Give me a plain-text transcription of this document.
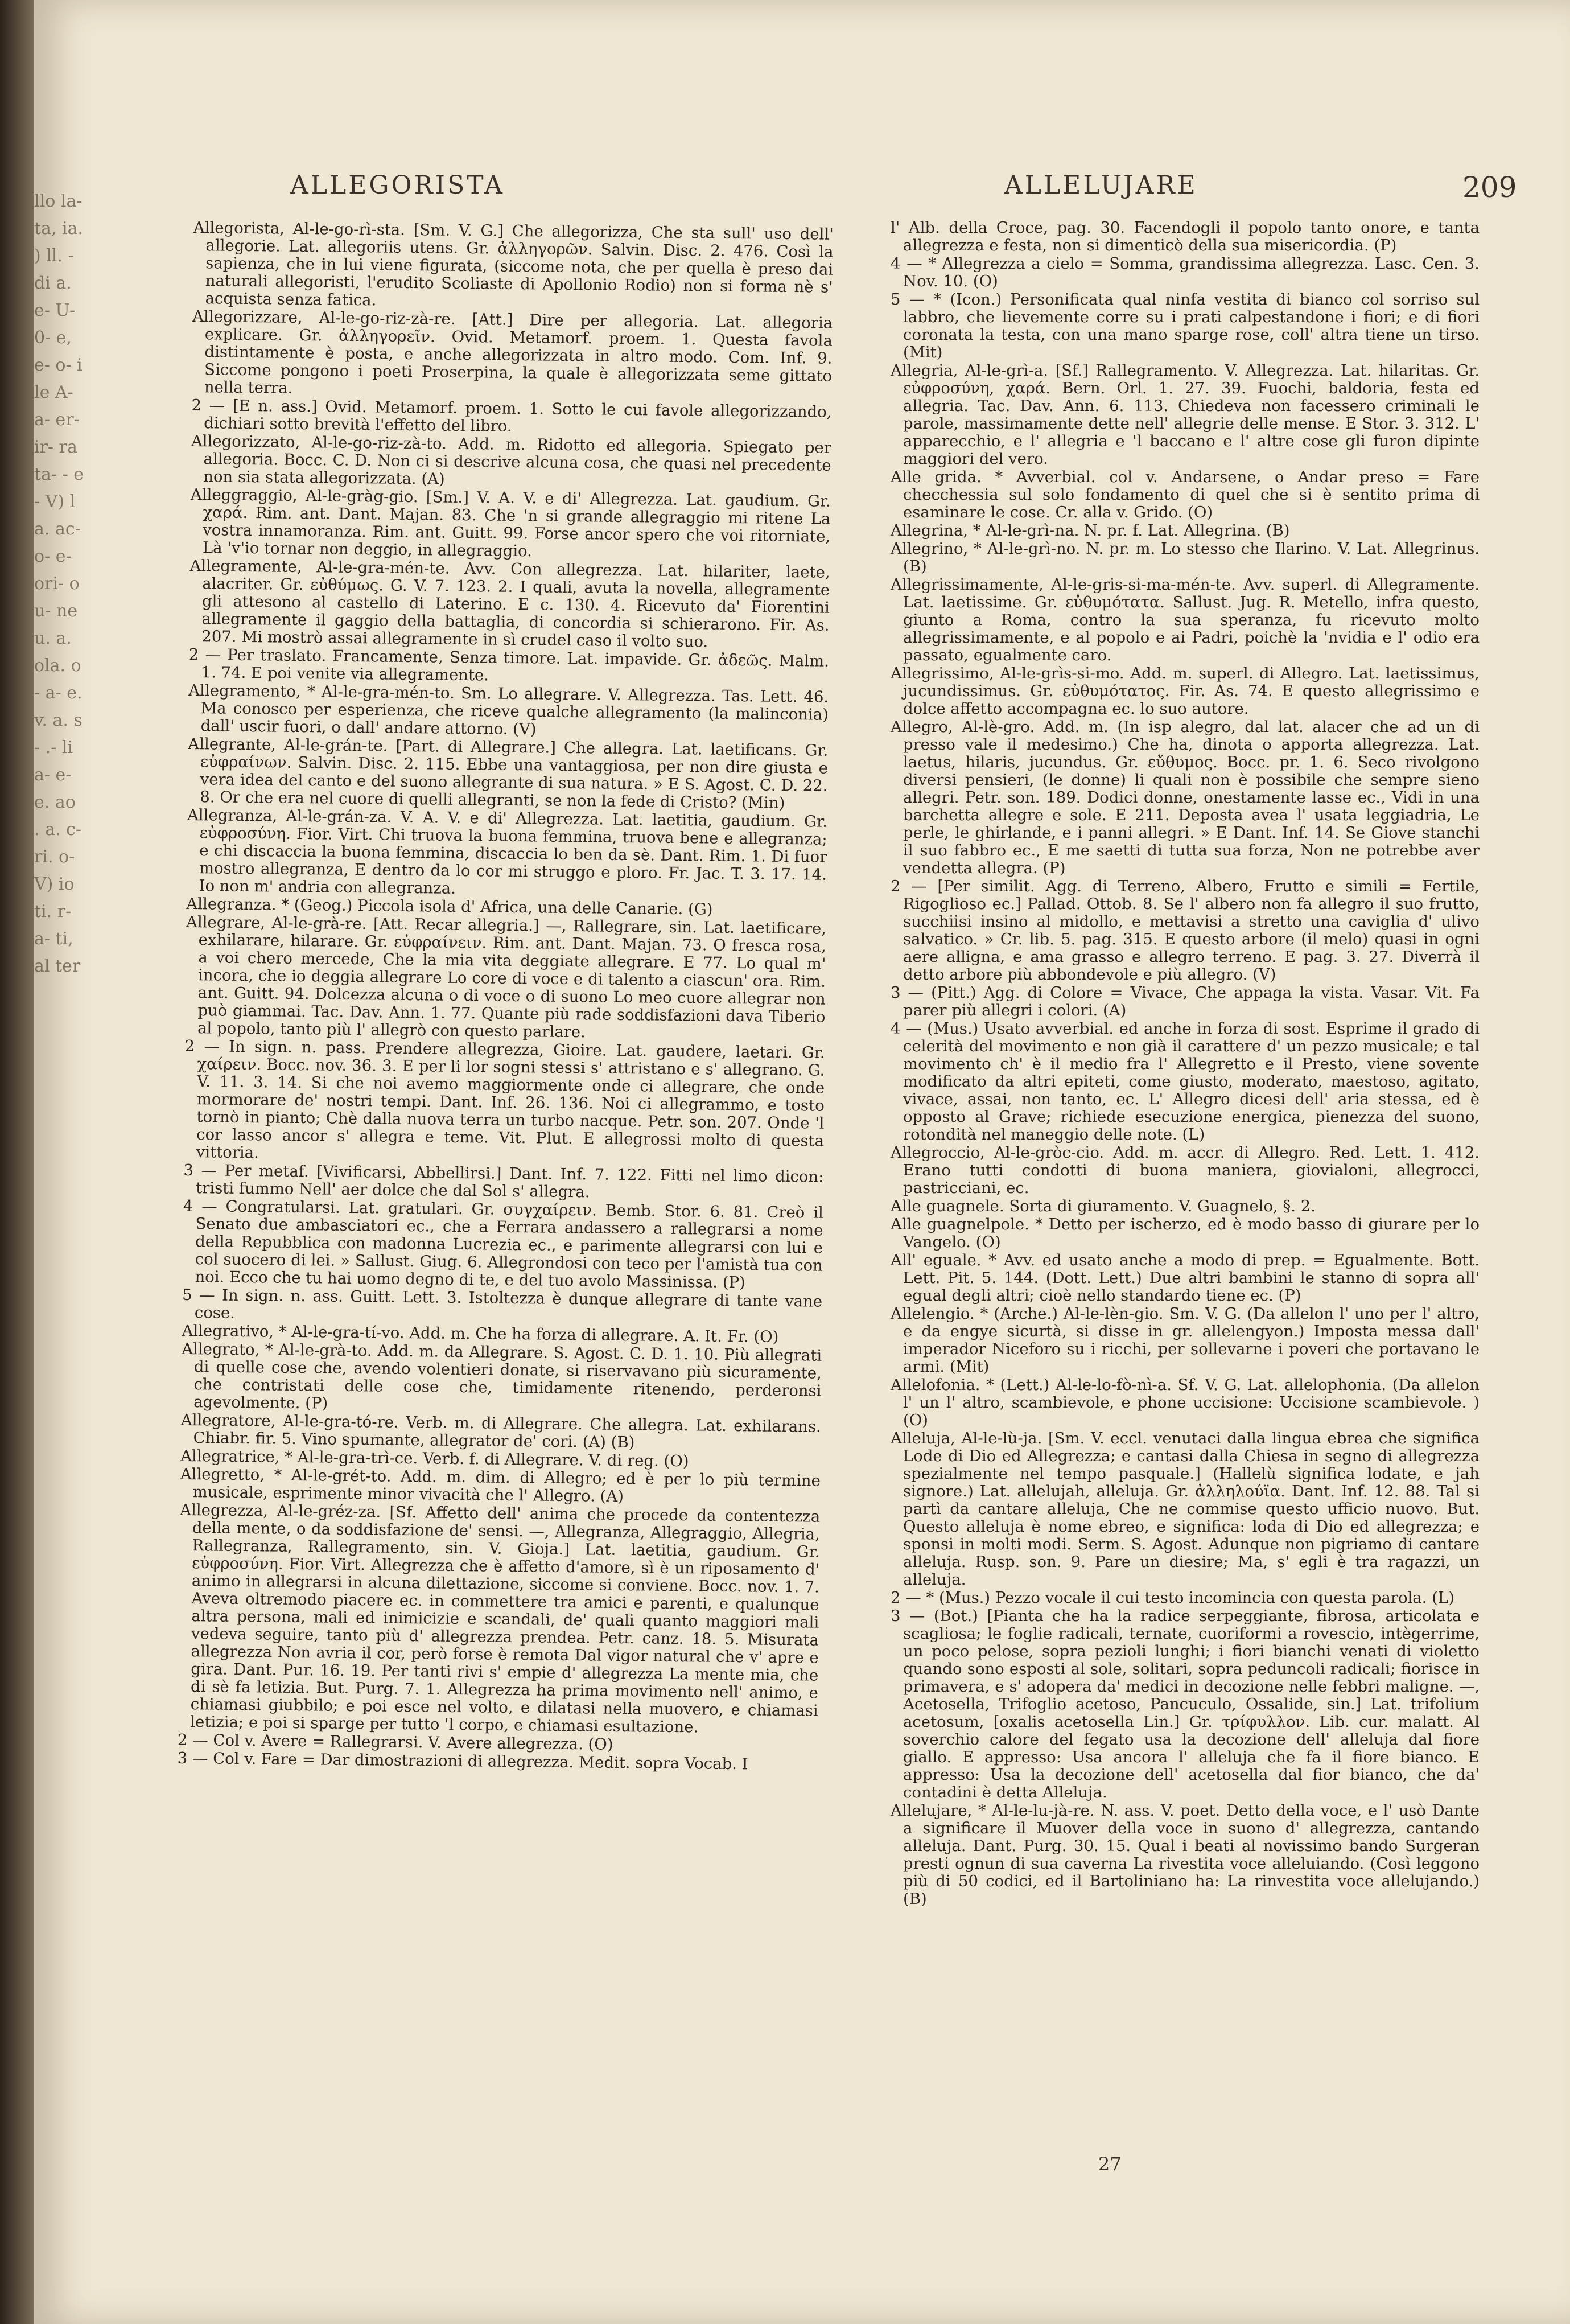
llo la- ta, ia. ) ll. - di a. e- U- 0- e, e- o- ile A- a- er- ir- ra ta- - e - V) la. ac- o- e- ori- ou- ne u. a. ola. o- a- e. v. a. s- .- li a- e- e. ao . a. c- ri. o- V) io ti. r- a- ti, al ter
ALLEGORISTA	ALLELUJARE	209

Allegorista, Al-le-go-rì-sta. [Sm. V. G.] Che allegorizza, Che sta sull' uso dell' allegorie. Lat. allegoriis utens. Gr. ἀλληγορῶν. Salvin. Disc. 2. 476. Così la sapienza, che in lui viene figurata, (siccome nota, che per quella è preso dai naturali allegoristi, l'erudito Scoliaste di Apollonio Rodio) non si forma nè s' acquista senza fatica.

Allegorizzare, Al-le-go-riz-zà-re. [Att.] Dire per allegoria. Lat. allegoria explicare. Gr. ἀλληγορεῖν. Ovid. Metamorf. proem. 1. Questa favola distintamente è posta, e anche allegorizzata in altro modo. Com. Inf. 9. Siccome pongono i poeti Proserpina, la quale è allegorizzata seme gittato nella terra.

2 — [E n. ass.] Ovid. Metamorf. proem. 1. Sotto le cui favole allegorizzando, dichiari sotto brevità l'effetto del libro.

Allegorizzato, Al-le-go-riz-zà-to. Add. m. Ridotto ed allegoria. Spiegato per allegoria. Bocc. C. D. Non ci si descrive alcuna cosa, che quasi nel precedente non sia stata allegorizzata. (A)

Alleggraggio, Al-le-gràg-gio. [Sm.] V. A. V. e di' Allegrezza. Lat. gaudium. Gr. χαρά. Rim. ant. Dant. Majan. 83. Che 'n si grande allegraggio mi ritene La vostra innamoranza. Rim. ant. Guitt. 99. Forse ancor spero che voi ritorniate, Là 'v'io tornar non deggio, in allegraggio.

Allegramente, Al-le-gra-mén-te. Avv. Con allegrezza. Lat. hilariter, laete, alacriter. Gr. εὐθύμως. G. V. 7. 123. 2. I quali, avuta la novella, allegramente gli attesono al castello di Laterino. E c. 130. 4. Ricevuto da' Fiorentini allegramente il gaggio della battaglia, di concordia si schierarono. Fir. As. 207. Mi mostrò assai allegramente in sì crudel caso il volto suo.

2 — Per traslato. Francamente, Senza timore. Lat. impavide. Gr. ἀδεῶς. Malm. 1. 74. E poi venite via allegramente.

Allegramento, * Al-le-gra-mén-to. Sm. Lo allegrare. V. Allegrezza. Tas. Lett. 46. Ma conosco per esperienza, che riceve qualche allegramento (la malinconia) dall' uscir fuori, o dall' andare attorno. (V)

Allegrante, Al-le-grán-te. [Part. di Allegrare.] Che allegra. Lat. laetificans. Gr. εὐφραίνων. Salvin. Disc. 2. 115. Ebbe una vantaggiosa, per non dire giusta e vera idea del canto e del suono allegrante di sua natura. » E S. Agost. C. D. 22. 8. Or che era nel cuore di quelli allegranti, se non la fede di Cristo? (Min)

Allegranza, Al-le-grán-za. V. A. V. e di' Allegrezza. Lat. laetitia, gaudium. Gr. εὐφροσύνη. Fior. Virt. Chi truova la buona femmina, truova bene e allegranza; e chi discaccia la buona femmina, discaccia lo ben da sè. Dant. Rim. 1. Di fuor mostro allegranza, E dentro da lo cor mi struggo e ploro. Fr. Jac. T. 3. 17. 14. Io non m' andria con allegranza.

Allegranza. * (Geog.) Piccola isola d' Africa, una delle Canarie. (G)

Allegrare, Al-le-grà-re. [Att. Recar allegria.] —, Rallegrare, sin. Lat. laetificare, exhilarare, hilarare. Gr. εὐφραίνειν. Rim. ant. Dant. Majan. 73. O fresca rosa, a voi chero mercede, Che la mia vita deggiate allegrare. E 77. Lo qual m' incora, che io deggia allegrare Lo core di voce e di talento a ciascun' ora. Rim. ant. Guitt. 94. Dolcezza alcuna o di voce o di suono Lo meo cuore allegrar non può giammai. Tac. Dav. Ann. 1. 77. Quante più rade soddisfazioni dava Tiberio al popolo, tanto più l' allegrò con questo parlare.

2 — In sign. n. pass. Prendere allegrezza, Gioire. Lat. gaudere, laetari. Gr. χαίρειν. Bocc. nov. 36. 3. E per li lor sogni stessi s' attristano e s' allegrano. G. V. 11. 3. 14. Si che noi avemo maggiormente onde ci allegrare, che onde mormorare de' nostri tempi. Dant. Inf. 26. 136. Noi ci allegrammo, e tosto tornò in pianto; Chè dalla nuova terra un turbo nacque. Petr. son. 207. Onde 'l cor lasso ancor s' allegra e teme. Vit. Plut. E allegrossi molto di questa vittoria.

3 — Per metaf. [Vivificarsi, Abbellirsi.] Dant. Inf. 7. 122. Fitti nel limo dicon: tristi fummo Nell' aer dolce che dal Sol s' allegra.

4 — Congratularsi. Lat. gratulari. Gr. συγχαίρειν. Bemb. Stor. 6. 81. Creò il Senato due ambasciatori ec., che a Ferrara andassero a rallegrarsi a nome della Repubblica con madonna Lucrezia ec., e parimente allegrarsi con lui e col suocero di lei. » Sallust. Giug. 6. Allegrondosi con teco per l'amistà tua con noi. Ecco che tu hai uomo degno di te, e del tuo avolo Massinissa. (P)

5 — In sign. n. ass. Guitt. Lett. 3. Istoltezza è dunque allegrare di tante vane cose.

Allegrativo, * Al-le-gra-tí-vo. Add. m. Che ha forza di allegrare. A. It. Fr. (O)

Allegrato, * Al-le-grà-to. Add. m. da Allegrare. S. Agost. C. D. 1. 10. Più allegrati di quelle cose che, avendo volentieri donate, si riservavano più sicuramente, che contristati delle cose che, timidamente ritenendo, perderonsi agevolmente. (P)

Allegratore, Al-le-gra-tó-re. Verb. m. di Allegrare. Che allegra. Lat. exhilarans. Chiabr. fir. 5. Vino spumante, allegrator de' cori. (A) (B)

Allegratrice, * Al-le-gra-trì-ce. Verb. f. di Allegrare. V. di reg. (O)

Allegretto, * Al-le-grét-to. Add. m. dim. di Allegro; ed è per lo più termine musicale, esprimente minor vivacità che l' Allegro. (A)

Allegrezza, Al-le-gréz-za. [Sf. Affetto dell' anima che procede da contentezza della mente, o da soddisfazione de' sensi. —, Allegranza, Allegraggio, Allegria, Rallegranza, Rallegramento, sin. V. Gioja.] Lat. laetitia, gaudium. Gr. εὐφροσύνη. Fior. Virt. Allegrezza che è affetto d'amore, sì è un riposamento d' animo in allegrarsi in alcuna dilettazione, siccome si conviene. Bocc. nov. 1. 7. Aveva oltremodo piacere ec. in commettere tra amici e parenti, e qualunque altra persona, mali ed inimicizie e scandali, de' quali quanto maggiori mali vedeva seguire, tanto più d' allegrezza prendea. Petr. canz. 18. 5. Misurata allegrezza Non avria il cor, però forse è remota Dal vigor natural che v' apre e gira. Dant. Pur. 16. 19. Per tanti rivi s' empie d' allegrezza La mente mia, che di sè fa letizia. But. Purg. 7. 1. Allegrezza ha prima movimento nell' animo, e chiamasi giubbilo; e poi esce nel volto, e dilatasi nella muovero, e chiamasi letizia; e poi si sparge per tutto 'l corpo, e chiamasi esultazione.

2 — Col v. Avere = Rallegrarsi. V. Avere allegrezza. (O)

3 — Col v. Fare = Dar dimostrazioni di allegrezza. Medit. sopra Vocab. I

l' Alb. della Croce, pag. 30. Facendogli il popolo tanto onore, e tanta allegrezza e festa, non si dimenticò della sua misericordia. (P)

4 — * Allegrezza a cielo = Somma, grandissima allegrezza. Lasc. Cen. 3. Nov. 10. (O)

5 — * (Icon.) Personificata qual ninfa vestita di bianco col sorriso sul labbro, che lievemente corre su i prati calpestandone i fiori; e di fiori coronata la testa, con una mano sparge rose, coll' altra tiene un tirso. (Mit)

Allegria, Al-le-grì-a. [Sf.] Rallegramento. V. Allegrezza. Lat. hilaritas. Gr. εὐφροσύνη, χαρά. Bern. Orl. 1. 27. 39. Fuochi, baldoria, festa ed allegria. Tac. Dav. Ann. 6. 113. Chiedeva non facessero criminali le parole, massimamente dette nell' allegrie delle mense. E Stor. 3. 312. L' apparecchio, e l' allegria e 'l baccano e l' altre cose gli furon dipinte maggiori del vero.

Alle grida. * Avverbial. col v. Andarsene, o Andar preso = Fare checchessia sul solo fondamento di quel che si è sentito prima di esaminare le cose. Cr. alla v. Grido. (O)

Allegrina, * Al-le-grì-na. N. pr. f. Lat. Allegrina. (B)

Allegrino, * Al-le-grì-no. N. pr. m. Lo stesso che Ilarino. V. Lat. Allegrinus. (B)

Allegrissimamente, Al-le-gris-si-ma-mén-te. Avv. superl. di Allegramente. Lat. laetissime. Gr. εὐθυμότατα. Sallust. Jug. R. Metello, infra questo, giunto a Roma, contro la sua speranza, fu ricevuto molto allegrissimamente, e al popolo e ai Padri, poichè la 'nvidia e l' odio era passato, egualmente caro.

Allegrissimo, Al-le-grìs-si-mo. Add. m. superl. di Allegro. Lat. laetissimus, jucundissimus. Gr. εὐθυμότατος. Fir. As. 74. E questo allegrissimo e dolce affetto accompagna ec. lo suo autore.

Allegro, Al-lè-gro. Add. m. (In isp alegro, dal lat. alacer che ad un di presso vale il medesimo.) Che ha, dinota o apporta allegrezza. Lat. laetus, hilaris, jucundus. Gr. εὔθυμος. Bocc. pr. 1. 6. Seco rivolgono diversi pensieri, (le donne) li quali non è possibile che sempre sieno allegri. Petr. son. 189. Dodici donne, onestamente lasse ec., Vidi in una barchetta allegre e sole. E 211. Deposta avea l' usata leggiadria, Le perle, le ghirlande, e i panni allegri. » E Dant. Inf. 14. Se Giove stanchi il suo fabbro ec., E me saetti di tutta sua forza, Non ne potrebbe aver vendetta allegra. (P)

2 — [Per similit. Agg. di Terreno, Albero, Frutto e simili = Fertile, Rigoglioso ec.] Pallad. Ottob. 8. Se l' albero non fa allegro il suo frutto, succhiisi insino al midollo, e mettavisi a stretto una caviglia d' ulivo salvatico. » Cr. lib. 5. pag. 315. E questo arbore (il melo) quasi in ogni aere alligna, e ama grasso e allegro terreno. E pag. 3. 27. Diverrà il detto arbore più abbondevole e più allegro. (V)

3 — (Pitt.) Agg. di Colore = Vivace, Che appaga la vista. Vasar. Vit. Fa parer più allegri i colori. (A)

4 — (Mus.) Usato avverbial. ed anche in forza di sost. Esprime il grado di celerità del movimento e non già il carattere d' un pezzo musicale; e tal movimento ch' è il medio fra l' Allegretto e il Presto, viene sovente modificato da altri epiteti, come giusto, moderato, maestoso, agitato, vivace, assai, non tanto, ec. L' Allegro dicesi dell' aria stessa, ed è opposto al Grave; richiede esecuzione energica, pienezza del suono, rotondità nel maneggio delle note. (L)

Allegroccio, Al-le-gròc-cio. Add. m. accr. di Allegro. Red. Lett. 1. 412. Erano tutti condotti di buona maniera, giovialoni, allegrocci, pastricciani, ec.

Alle guagnele. Sorta di giuramento. V. Guagnelo, §. 2.

Alle guagnelpole. * Detto per ischerzo, ed è modo basso di giurare per lo Vangelo. (O)

All' eguale. * Avv. ed usato anche a modo di prep. = Egualmente. Bott. Lett. Pit. 5. 144. (Dott. Lett.) Due altri bambini le stanno di sopra all' egual degli altri; cioè nello standardo tiene ec. (P)

Allelengio. * (Arche.) Al-le-lèn-gio. Sm. V. G. (Da allelon l' uno per l' altro, e da engye sicurtà, si disse in gr. allelengyon.) Imposta messa dall' imperador Niceforo su i ricchi, per sollevarne i poveri che portavano le armi. (Mit)

Allelofonia. * (Lett.) Al-le-lo-fò-nì-a. Sf. V. G. Lat. allelophonia. (Da allelon l' un l' altro, scambievole, e phone uccisione: Uccisione scambievole. ) (O)

Alleluja, Al-le-lù-ja. [Sm. V. eccl. venutaci dalla lingua ebrea che significa Lode di Dio ed Allegrezza; e cantasi dalla Chiesa in segno di allegrezza spezialmente nel tempo pasquale.] (Hallelù significa lodate, e jah signore.) Lat. allelujah, alleluja. Gr. ἀλληλούϊα. Dant. Inf. 12. 88. Tal si partì da cantare alleluja, Che ne commise questo ufficio nuovo. But. Questo alleluja è nome ebreo, e significa: loda di Dio ed allegrezza; e sponsi in molti modi. Serm. S. Agost. Adunque non pigriamo di cantare alleluja. Rusp. son. 9. Pare un diesire; Ma, s' egli è tra ragazzi, un alleluja.

2 — * (Mus.) Pezzo vocale il cui testo incomincia con questa parola. (L)

3 — (Bot.) [Pianta che ha la radice serpeggiante, fibrosa, articolata e scagliosa; le foglie radicali, ternate, cuoriformi a rovescio, intègerrime, un poco pelose, sopra pezioli lunghi; i fiori bianchi venati di violetto quando sono esposti al sole, solitari, sopra peduncoli radicali; fiorisce in primavera, e s' adopera da' medici in decozione nelle febbri maligne. —, Acetosella, Trifoglio acetoso, Pancuculo, Ossalide, sin.] Lat. trifolium acetosum, [oxalis acetosella Lin.] Gr. τρίφυλλον. Lib. cur. malatt. Al soverchio calore del fegato usa la decozione dell' alleluja dal fiore giallo. E appresso: Usa ancora l' alleluja che fa il fiore bianco. E appresso: Usa la decozione dell' acetosella dal fior bianco, che da' contadini è detta Alleluja.

Allelujare, * Al-le-lu-jà-re. N. ass. V. poet. Detto della voce, e l' usò Dante a significare il Muover della voce in suono d' allegrezza, cantando alleluja. Dant. Purg. 30. 15. Qual i beati al novissimo bando Surgeran presti ognun di sua caverna La rivestita voce alleluiando. (Così leggono più di 50 codici, ed il Bartoliniano ha: La rinvestita voce allelujando.) (B)

27
